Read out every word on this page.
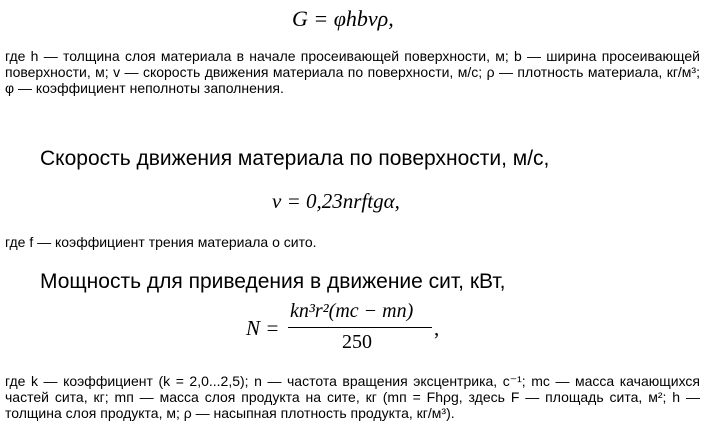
G = φhbvρ,
где h — толщина слоя материала в начале просеивающей поверхности, м; b — ширина просеивающей поверхности, м; v — скорость движения материала по поверхности, м/с; ρ — плотность материала, кг/м³; φ — коэффициент неполноты заполнения.
Скорость движения материала по поверхности, м/с,
v = 0,23nrftgα,
где f — коэффициент трения материала о сито.
Мощность для приведения в движение сит, кВт,
N =
kn³r²(mс − mп)
250
,
где k — коэффициент (k = 2,0...2,5); n — частота вращения эксцентрика, с⁻¹; mс — масса качающихся частей сита, кг; mп — масса слоя продукта на сите, кг (mп = Fhρg, здесь F — площадь сита, м²; h — толщина слоя продукта, м; ρ — насыпная плотность продукта, кг/м³).
